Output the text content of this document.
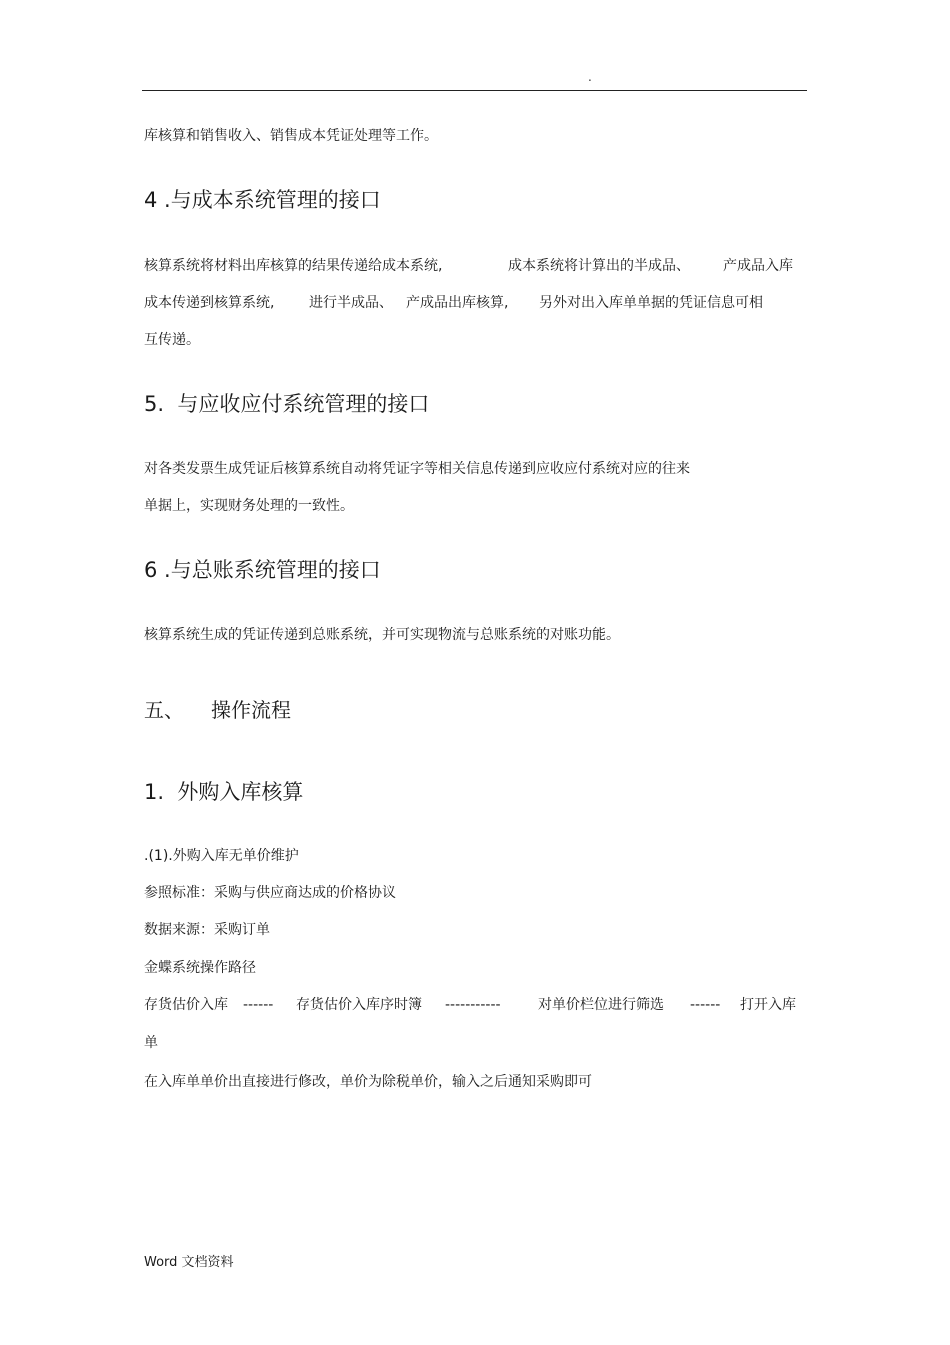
.
库核算和销售收入、销售成本凭证处理等工作。
4 .与成本系统管理的接口
核算系统将材料出库核算的结果传递给成本系统,	成本系统将计算出的半成品、 产成品入库
成本传递到核算系统, 进行半成品、 产成品出库核算, 另外对出入库单单据的凭证信息可相
互传递。
5.  与应收应付系统管理的接口
对各类发票生成凭证后核算系统自动将凭证字等相关信息传递到应收应付系统对应的往来
单据上，实现财务处理的一致性。
6 .与总账系统管理的接口
核算系统生成的凭证传递到总账系统，并可实现物流与总账系统的对账功能。
五、 操作流程
1.  外购入库核算
.(1).外购入库无单价维护
参照标准：采购与供应商达成的价格协议
数据来源：采购订单
金蝶系统操作路径
存货估价入库 ------ 存货估价入库序时簿 -----------	对单价栏位进行筛选 ------ 打开入库
单
在入库单单价出直接进行修改，单价为除税单价，输入之后通知采购即可
Word 文档资料
